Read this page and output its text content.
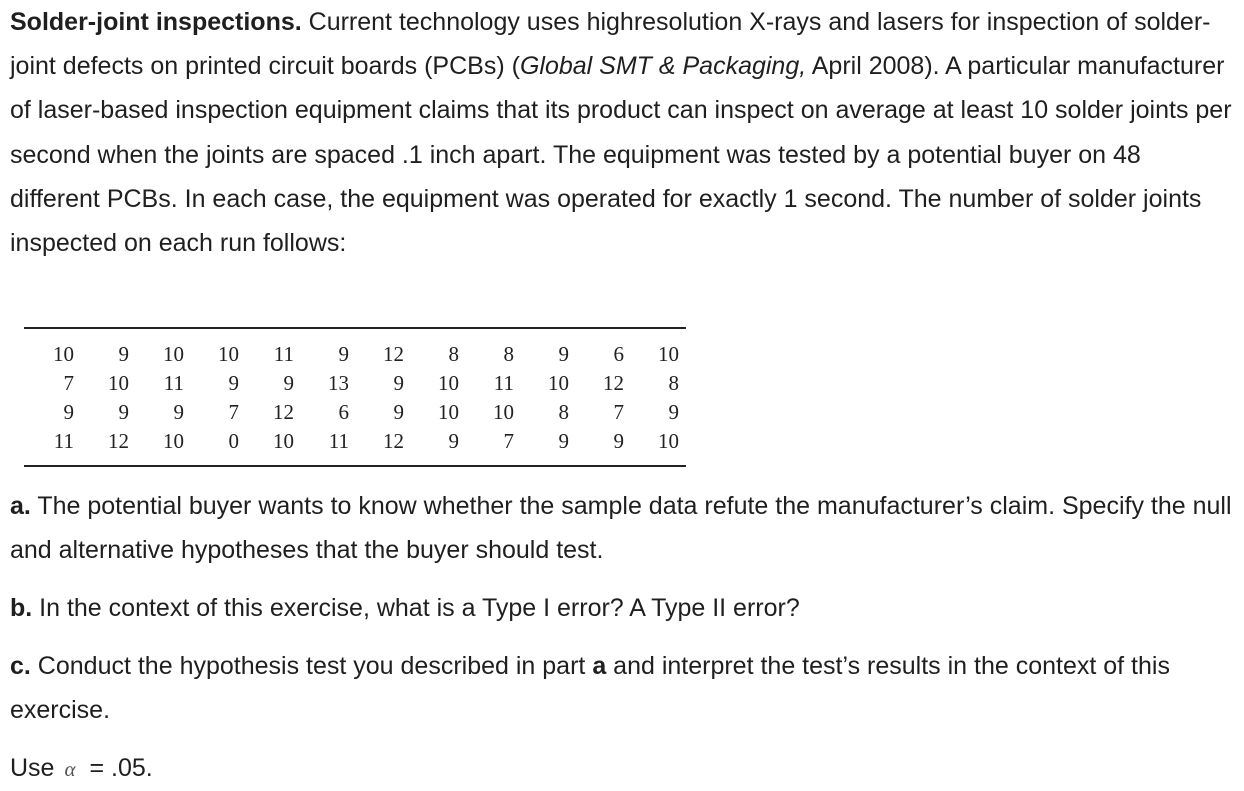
Solder-joint inspections. Current technology uses highresolution X-rays and lasers for inspection of solder-joint defects on printed circuit boards (PCBs) (Global SMT & Packaging, April 2008). A particular manufacturer of laser-based inspection equipment claims that its product can inspect on average at least 10 solder joints per second when the joints are spaced .1 inch apart. The equipment was tested by a potential buyer on 48 different PCBs. In each case, the equipment was operated for exactly 1 second. The number of solder joints inspected on each run follows:

10	9	10	10	11	9	12	8	8	9	6	10
7	10	11	9	9	13	9	10	11	10	12	8
9	9	9	7	12	6	9	10	10	8	7	9
11	12	10	0	10	11	12	9	7	9	9	10

a. The potential buyer wants to know whether the sample data refute the manufacturer’s claim. Specify the null and alternative hypotheses that the buyer should test.

b. In the context of this exercise, what is a Type I error? A Type II error?

c. Conduct the hypothesis test you described in part a and interpret the test’s results in the context of this exercise.

Use α = .05.
